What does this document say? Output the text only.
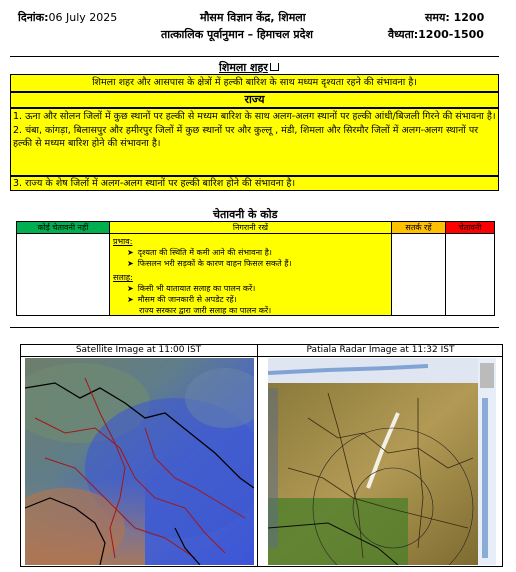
दिनांक:06 July 2025	मौसम विज्ञान केंद्र, शिमला	समय: 1200
तात्कालिक पूर्वानुमान – हिमाचल प्रदेश	वैध्यता:1200-1500
शिमला शहर
शिमला शहर और आसपास के क्षेत्रों में हल्की बारिश के साथ मध्यम दृश्यता रहने की संभावना है।
राज्य
1. ऊना और सोलन जिलों में कुछ स्थानों पर हल्की से मध्यम बारिश के साथ अलग-अलग स्थानों पर हल्की आंधी/बिजली गिरने की संभावना है।
2. चंबा, कांगड़ा, बिलासपुर और हमीरपुर जिलों में कुछ स्थानों पर और कुल्लू , मंडी, शिमला और सिरमौर जिलों में अलग-अलग स्थानों पर हल्की से मध्यम बारिश होने की संभावना है।
3. राज्य के शेष जिलों में अलग-अलग स्थानों पर हल्की बारिश होने की संभावना है।
चेतावनी के कोड
कोई चेतावनी नहीं	निगरानी रखें	सतर्क रहें	चेतावनी
प्रभाव:
➤ दृश्यता की स्थिति में कमी आने की संभावना है।
➤ फिसलन भरी सड़कों के कारण वाहन फिसल सकते हैं।
सलाह:
➤ किसी भी यातायात सलाह का पालन करें।
➤ मौसम की जानकारी से अपडेट रहें।
राज्य सरकार द्वारा जारी सलाह का पालन करें।
Satellite Image at 11:00 IST	Patiala Radar Image at 11:32 IST
